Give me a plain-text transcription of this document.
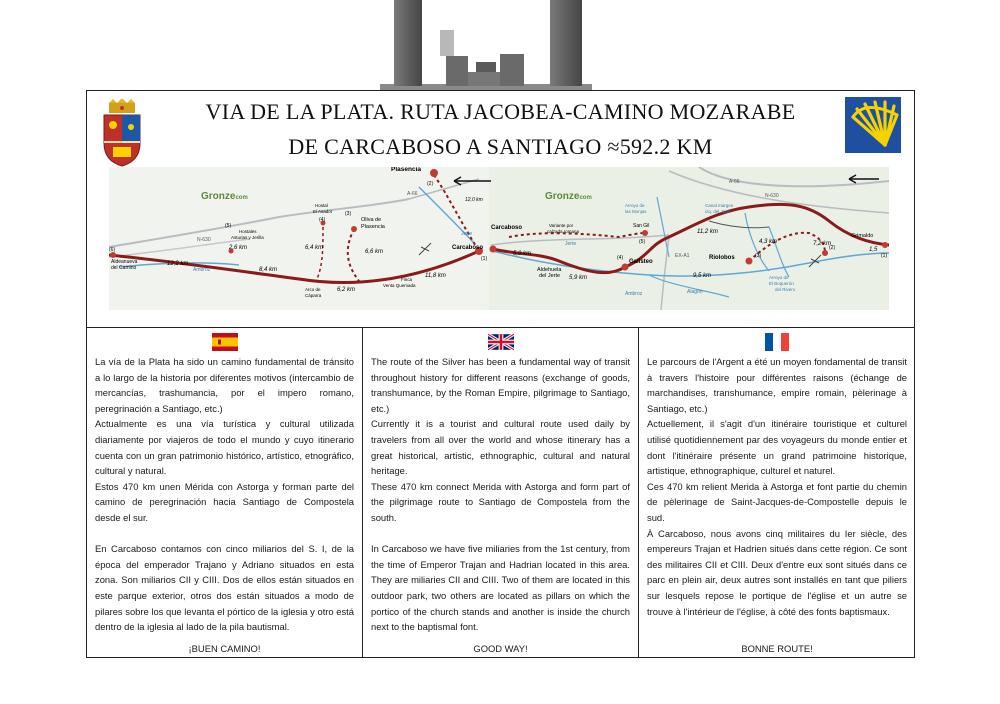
VIA DE LA PLATA. RUTA JACOBEA-CAMINO MOZARABE
DE CARCABOSO A SANTIAGO ≈592.2 KM
Gronzecom
Plasencia
(2)
Carcaboso
(1)
Oliva de
Plasencia
(3)
Hostal
El Asador
(4)
Hostales
Asturias y Jerilla
(5)
Aldeanueva
del Camino
(6)
Arco de
Cáparra
Finca
Venta Quemada
A-66
N-630
Ambroz
Jerte
12,2 km
2,6 km
8,4 km
6,4 km
6,6 km
6,2 km
11,8 km
12,0 km	Gronzecom
Carcaboso	Variante por
calzada romana
San Gil
(5)
Aldehuela
del Jerte
Galisteo
(4)	Riolobos	(3)
Grimaldo
(1)
(2)
Canal margen
izq. del Jerte
Arroyo de
las Monjas
Arroyo de
El Boquerón
del Rivero
A-66
N-630
EX-A1
Ambroz	Alagón
Jerte
5,0 km
5,9 km
11,2 km
9,5 km
4,3 km	7,2 km
1,5

La vía de la Plata ha sido un camino fundamental de tránsito a lo largo de la historia por diferentes motivos (intercambio de mercancías, trashumancia, por el impero romano, peregrinación a Santiago, etc.)

Actualmente es una vía turística y cultural utilizada diariamente por viajeros de todo el mundo y cuyo itinerario cuenta con un gran patrimonio histórico, artístico, etnográfico, cultural y natural.

Estos 470 km unen Mérida con Astorga y forman parte del camino de peregrinación hacia Santiago de Compostela desde el sur.

En Carcaboso contamos con cinco miliarios del S. I, de la época del emperador Trajano y Adriano situados en esta zona. Son miliarios CII y CIII. Dos de ellos están situados en este parque exterior, otros dos están situados a modo de pilares sobre los que levanta el pórtico de la iglesia y otro está dentro de la iglesia al lado de la pila bautismal.

¡BUEN CAMINO!

The route of the Silver has been a fundamental way of transit throughout history for different reasons (exchange of goods, transhumance, by the Roman Empire, pilgrimage to Santiago, etc.)

Currently it is a tourist and cultural route used daily by travelers from all over the world and whose itinerary has a great historical, artistic, ethnographic, cultural and natural heritage.

These 470 km connect Merida with Astorga and form part of the pilgrimage route to Santiago de Compostela from the south.

In Carcaboso we have five miliaries from the 1st century, from the time of Emperor Trajan and Hadrian located in this area. They are miliaries CII and CIII. Two of them are located in this outdoor park, two others are located as pillars on which the portico of the church stands and another is inside the church next to the baptismal font.

GOOD WAY!

Le parcours de l'Argent a été un moyen fondamental de transit à travers l'histoire pour différentes raisons (échange de marchandises, transhumance, empire romain, pèlerinage à Santiago, etc.)

Actuellement, il s'agit d'un itinéraire touristique et culturel utilisé quotidiennement par des voyageurs du monde entier et dont l'itinéraire présente un grand patrimoine historique, artistique, ethnographique, culturel et naturel.

Ces 470 km relient Merida à Astorga et font partie du chemin de pèlerinage de Saint-Jacques-de-Compostelle depuis le sud.

À Carcaboso, nous avons cinq militaires du Ier siècle, des empereurs Trajan et Hadrien situés dans cette région. Ce sont des militaires CII et CIII. Deux d'entre eux sont situés dans ce parc en plein air, deux autres sont installés en tant que piliers sur lesquels repose le portique de l'église et un autre se trouve à l'intérieur de l'église, à côté des fonts baptismaux.

BONNE ROUTE!
